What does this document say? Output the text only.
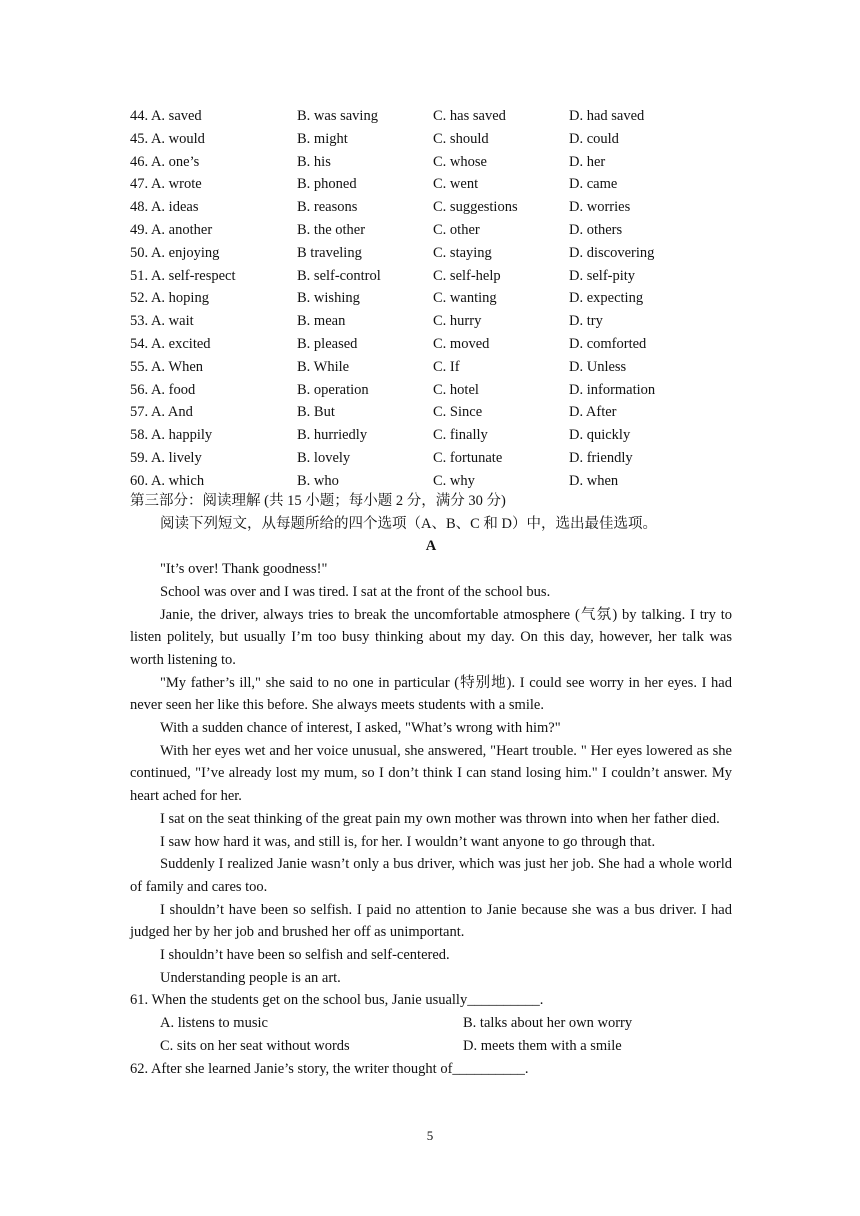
44. A. saved	B. was saving	C. has saved	D. had saved
45. A. would	B. might	C. should	D. could
46. A. one’s	B. his	C. whose	D. her
47. A. wrote	B. phoned	C. went	D. came
48. A. ideas	B. reasons	C. suggestions	D. worries
49. A. another	B. the other	C. other	D. others
50. A. enjoying	B traveling	C. staying	D. discovering
51. A. self-respect	B. self-control	C. self-help	D. self-pity
52. A. hoping	B. wishing	C. wanting	D. expecting
53. A. wait	B. mean	C. hurry	D. try
54. A. excited	B. pleased	C. moved	D. comforted
55. A. When	B. While	C. If	D. Unless
56. A. food	B. operation	C. hotel	D. information
57. A. And	B. But	C. Since	D. After
58. A. happily	B. hurriedly	C. finally	D. quickly
59. A. lively	B. lovely	C. fortunate	D. friendly
60. A. which	B. who	C. why	D. when

第三部分：阅读理解 (共 15 小题；每小题 2 分，满分 30 分)

阅读下列短文，从每题所给的四个选项（A、B、C 和 D）中，选出最佳选项。

A

"It’s over! Thank goodness!"

School was over and I was tired. I sat at the front of the school bus.

Janie, the driver, always tries to break the uncomfortable atmosphere (气氛) by talking. I try to listen politely, but usually I’m too busy thinking about my day. On this day, however, her talk was worth listening to.

"My father’s ill," she said to no one in particular (特别地). I could see worry in her eyes. I had never seen her like this before. She always meets students with a smile.

With a sudden chance of interest, I asked, "What’s wrong with him?"

With her eyes wet and her voice unusual, she answered, "Heart trouble. " Her eyes lowered as she continued, "I’ve already lost my mum, so I don’t think I can stand losing him." I couldn’t answer. My heart ached for her.

I sat on the seat thinking of the great pain my own mother was thrown into when her father died.

I saw how hard it was, and still is, for her. I wouldn’t want anyone to go through that.

Suddenly I realized Janie wasn’t only a bus driver, which was just her job. She had a whole world of family and cares too.

I shouldn’t have been so selfish. I paid no attention to Janie because she was a bus driver. I had judged her by her job and brushed her off as unimportant.

I shouldn’t have been so selfish and self-centered.

Understanding people is an art.

61. When the students get on the school bus, Janie usually__________.

A. listens to music	B. talks about her own worry
C. sits on her seat without words	D. meets them with a smile

62. After she learned Janie’s story, the writer thought of__________.

5
